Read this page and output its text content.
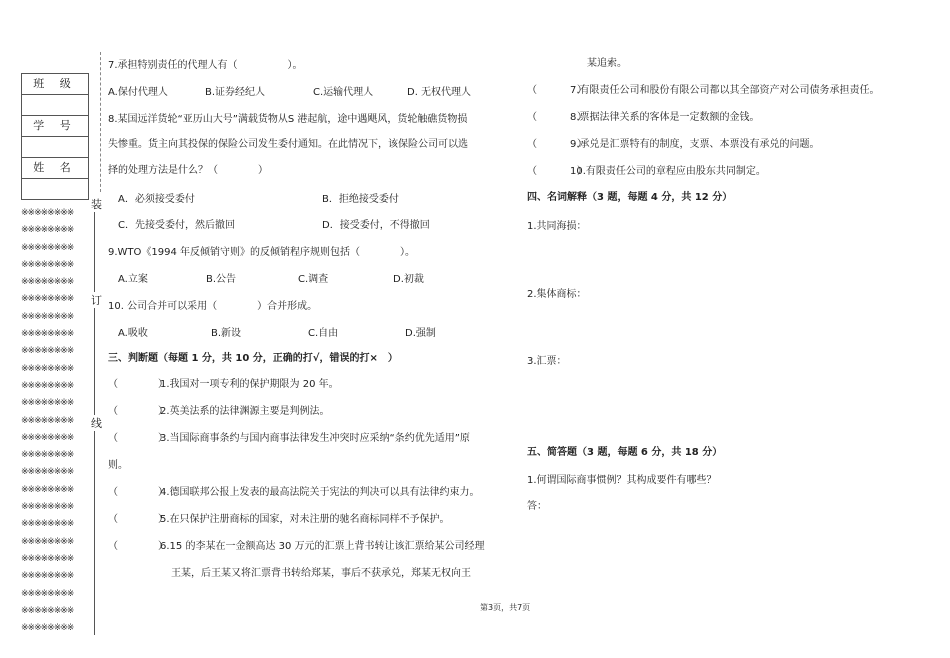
班 级
学 号
姓 名
※※※※※※※※
※※※※※※※※
※※※※※※※※
※※※※※※※※
※※※※※※※※
※※※※※※※※
※※※※※※※※
※※※※※※※※
※※※※※※※※
※※※※※※※※
※※※※※※※※
※※※※※※※※
※※※※※※※※
※※※※※※※※
※※※※※※※※
※※※※※※※※
※※※※※※※※
※※※※※※※※
※※※※※※※※
※※※※※※※※
※※※※※※※※
※※※※※※※※
※※※※※※※※
※※※※※※※※
※※※※※※※※
装
订
线
7.承担特别责任的代理人有（　　　　　）。
A.保付代理人	B.证券经纪人	C.运输代理人	D. 无权代理人
8.某国远洋货轮“亚历山大号”满载货物从S 港起航，途中遇飓风，货轮触礁货物损
失惨重。货主向其投保的保险公司发生委付通知。在此情况下，该保险公司可以选
择的处理方法是什么？（　　　　）
A．必须接受委付	B．拒绝接受委付
C．先接受委付，然后撤回	D．接受委付，不得撤回
9.WTO《1994 年反倾销守则》的反倾销程序规则包括（　　　　）。
A.立案	B.公告	C.调查	D.初裁
10. 公司合并可以采用（　　　　）合并形成。
A.吸收	B.新设	C.自由	D.强制
三、判断题（每题 1 分，共 10 分，正确的打√，错误的打×　）
（　　　　）
1.我国对一项专利的保护期限为 20 年。
（　　　　）
2.英美法系的法律渊源主要是判例法。
（　　　　）
3.当国际商事条约与国内商事法律发生冲突时应采纳“条约优先适用”原
则。
（　　　　）
4.德国联邦公报上发表的最高法院关于宪法的判决可以具有法律约束力。
（　　　　）
5.在只保护注册商标的国家，对未注册的驰名商标同样不予保护。
（　　　　）
6.15 的李某在一金额高达 30 万元的汇票上背书转让该汇票给某公司经理
王某，后王某又将汇票背书转给郑某，事后不获承兑，郑某无权向王
某追索。
（　　　　）
7.有限责任公司和股份有限公司都以其全部资产对公司债务承担责任。
（　　　　）
8.票据法律关系的客体是一定数额的金钱。
（　　　　）
9.承兑是汇票特有的制度，支票、本票没有承兑的问题。
（　　　　）
10.有限责任公司的章程应由股东共同制定。
四、名词解释（3 题，每题 4 分，共 12 分）
1.共同海损：
2.集体商标：
3.汇票：
五、简答题（3 题，每题 6 分，共 18 分）
1.何谓国际商事惯例？其构成要件有哪些？
答：
第3页，共7页
